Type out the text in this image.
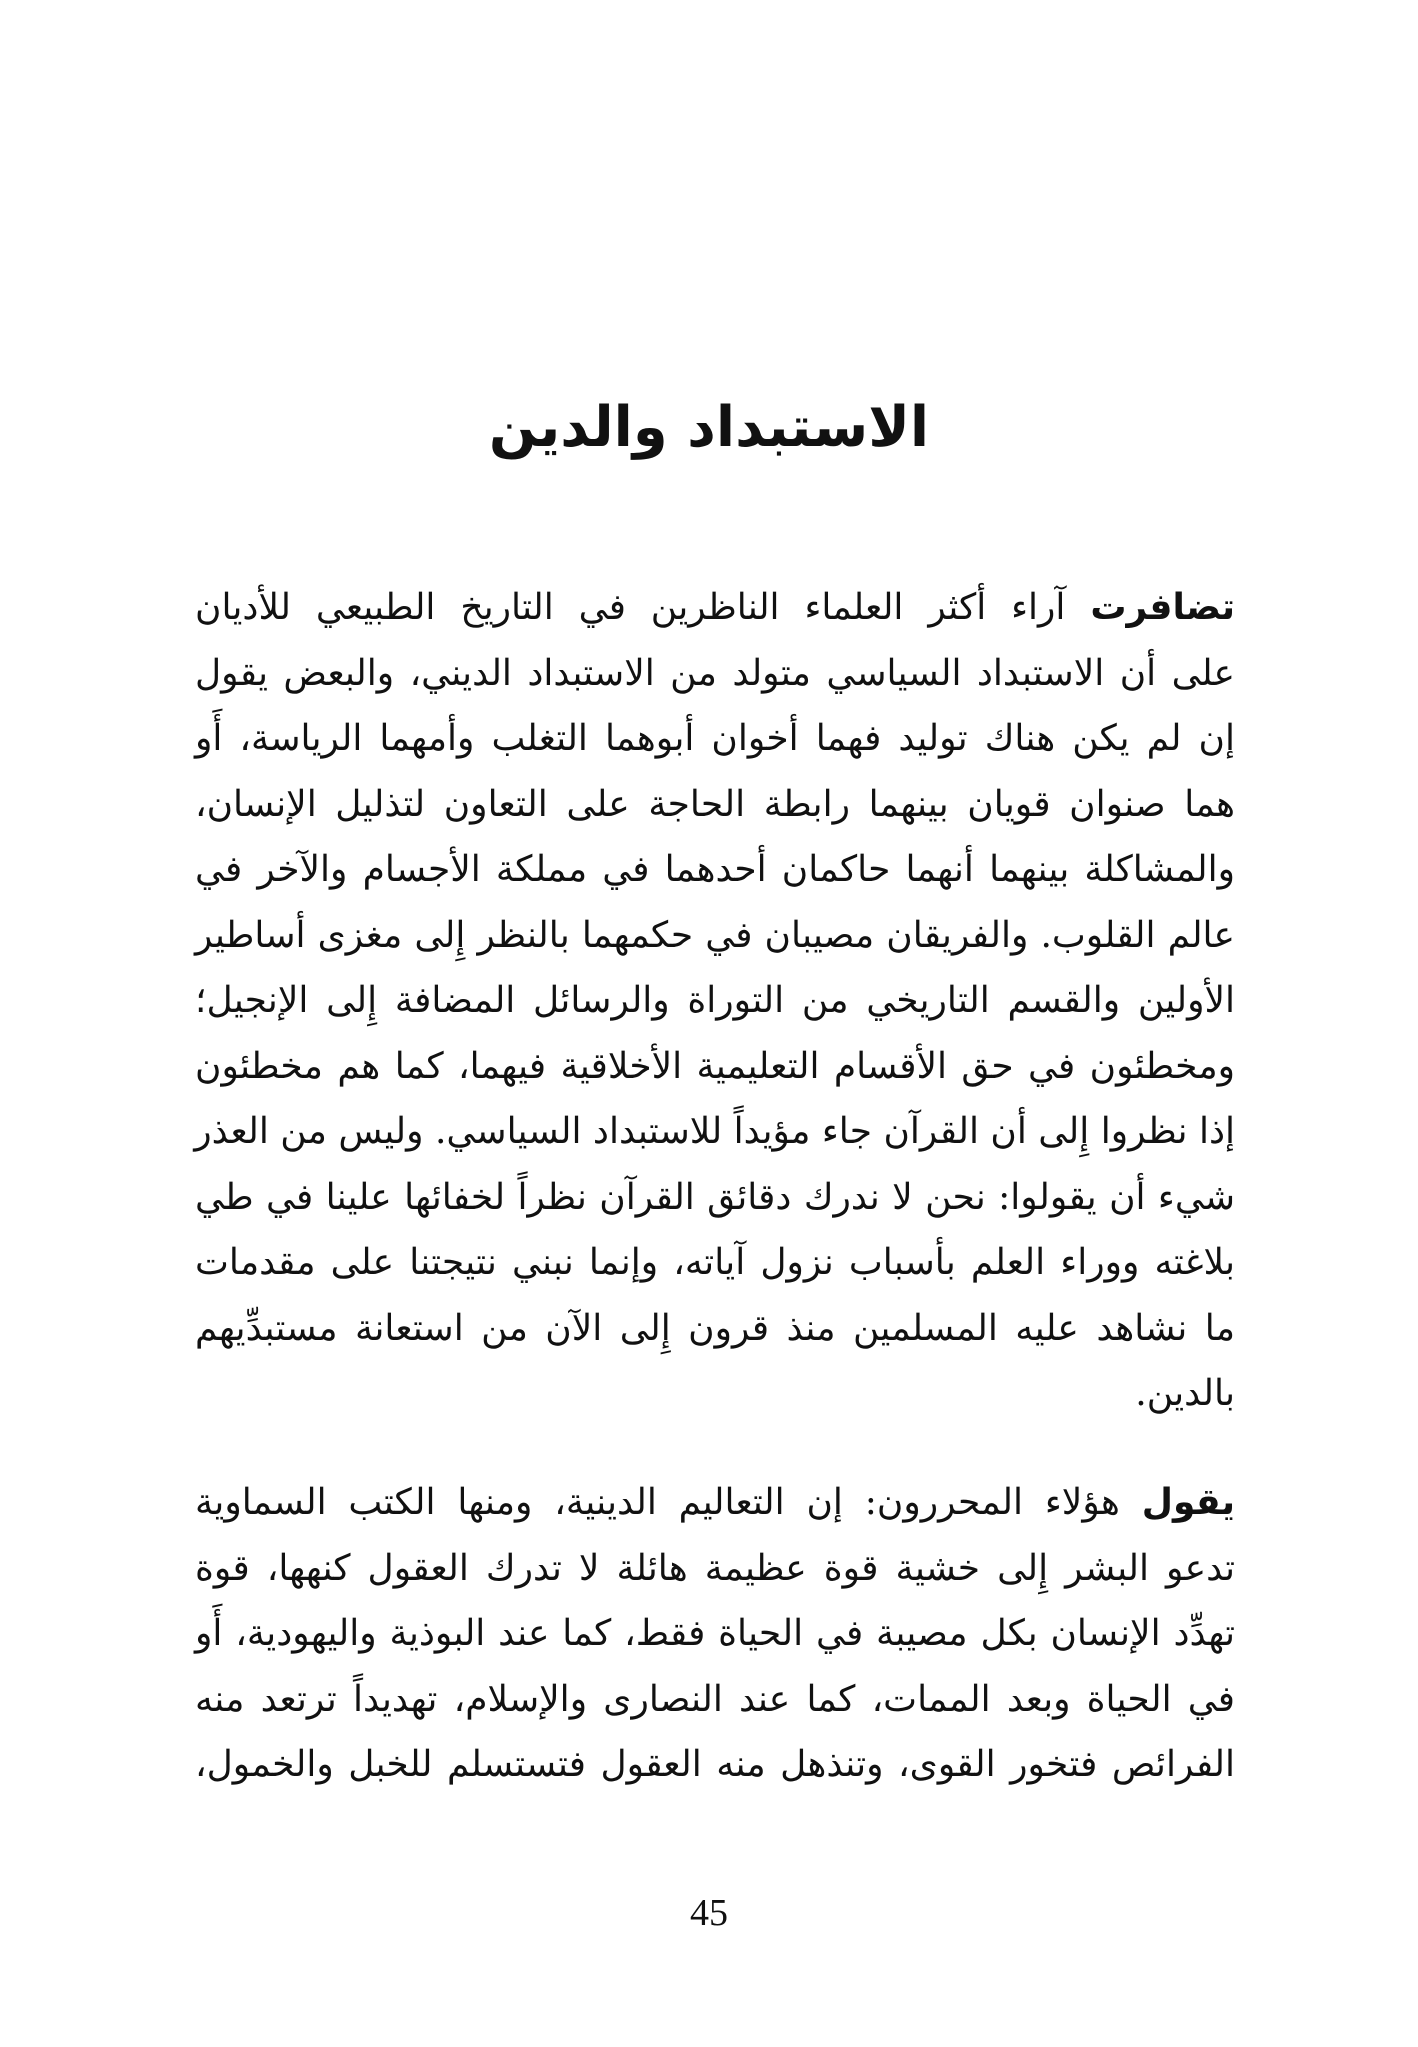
الاستبداد والدين
تضافرت آراء أكثر العلماء الناظرين في التاريخ الطبيعي للأديان
على أن الاستبداد السياسي متولد من الاستبداد الديني، والبعض يقول
إن لم يكن هناك توليد فهما أخوان أبوهما التغلب وأمهما الرياسة، أَو
هما صنوان قويان بينهما رابطة الحاجة على التعاون لتذليل الإنسان،
والمشاكلة بينهما أنهما حاكمان أحدهما في مملكة الأجسام والآخر في
عالم القلوب. والفريقان مصيبان في حكمهما بالنظر إِلى مغزى أساطير
الأولين والقسم التاريخي من التوراة والرسائل المضافة إِلى الإنجيل؛
ومخطئون في حق الأقسام التعليمية الأخلاقية فيهما، كما هم مخطئون
إذا نظروا إِلى أن القرآن جاء مؤيداً للاستبداد السياسي. وليس من العذر
شيء أن يقولوا: نحن لا ندرك دقائق القرآن نظراً لخفائها علينا في طي
بلاغته ووراء العلم بأسباب نزول آياته، وإنما نبني نتيجتنا على مقدمات
ما نشاهد عليه المسلمين منذ قرون إِلى الآن من استعانة مستبدِّيهم
بالدين.
يقول هؤلاء المحررون: إن التعاليم الدينية، ومنها الكتب السماوية
تدعو البشر إِلى خشية قوة عظيمة هائلة لا تدرك العقول كنهها، قوة
تهدِّد الإنسان بكل مصيبة في الحياة فقط، كما عند البوذية واليهودية، أَو
في الحياة وبعد الممات، كما عند النصارى والإسلام، تهديداً ترتعد منه
الفرائص فتخور القوى، وتنذهل منه العقول فتستسلم للخبل والخمول،
45
